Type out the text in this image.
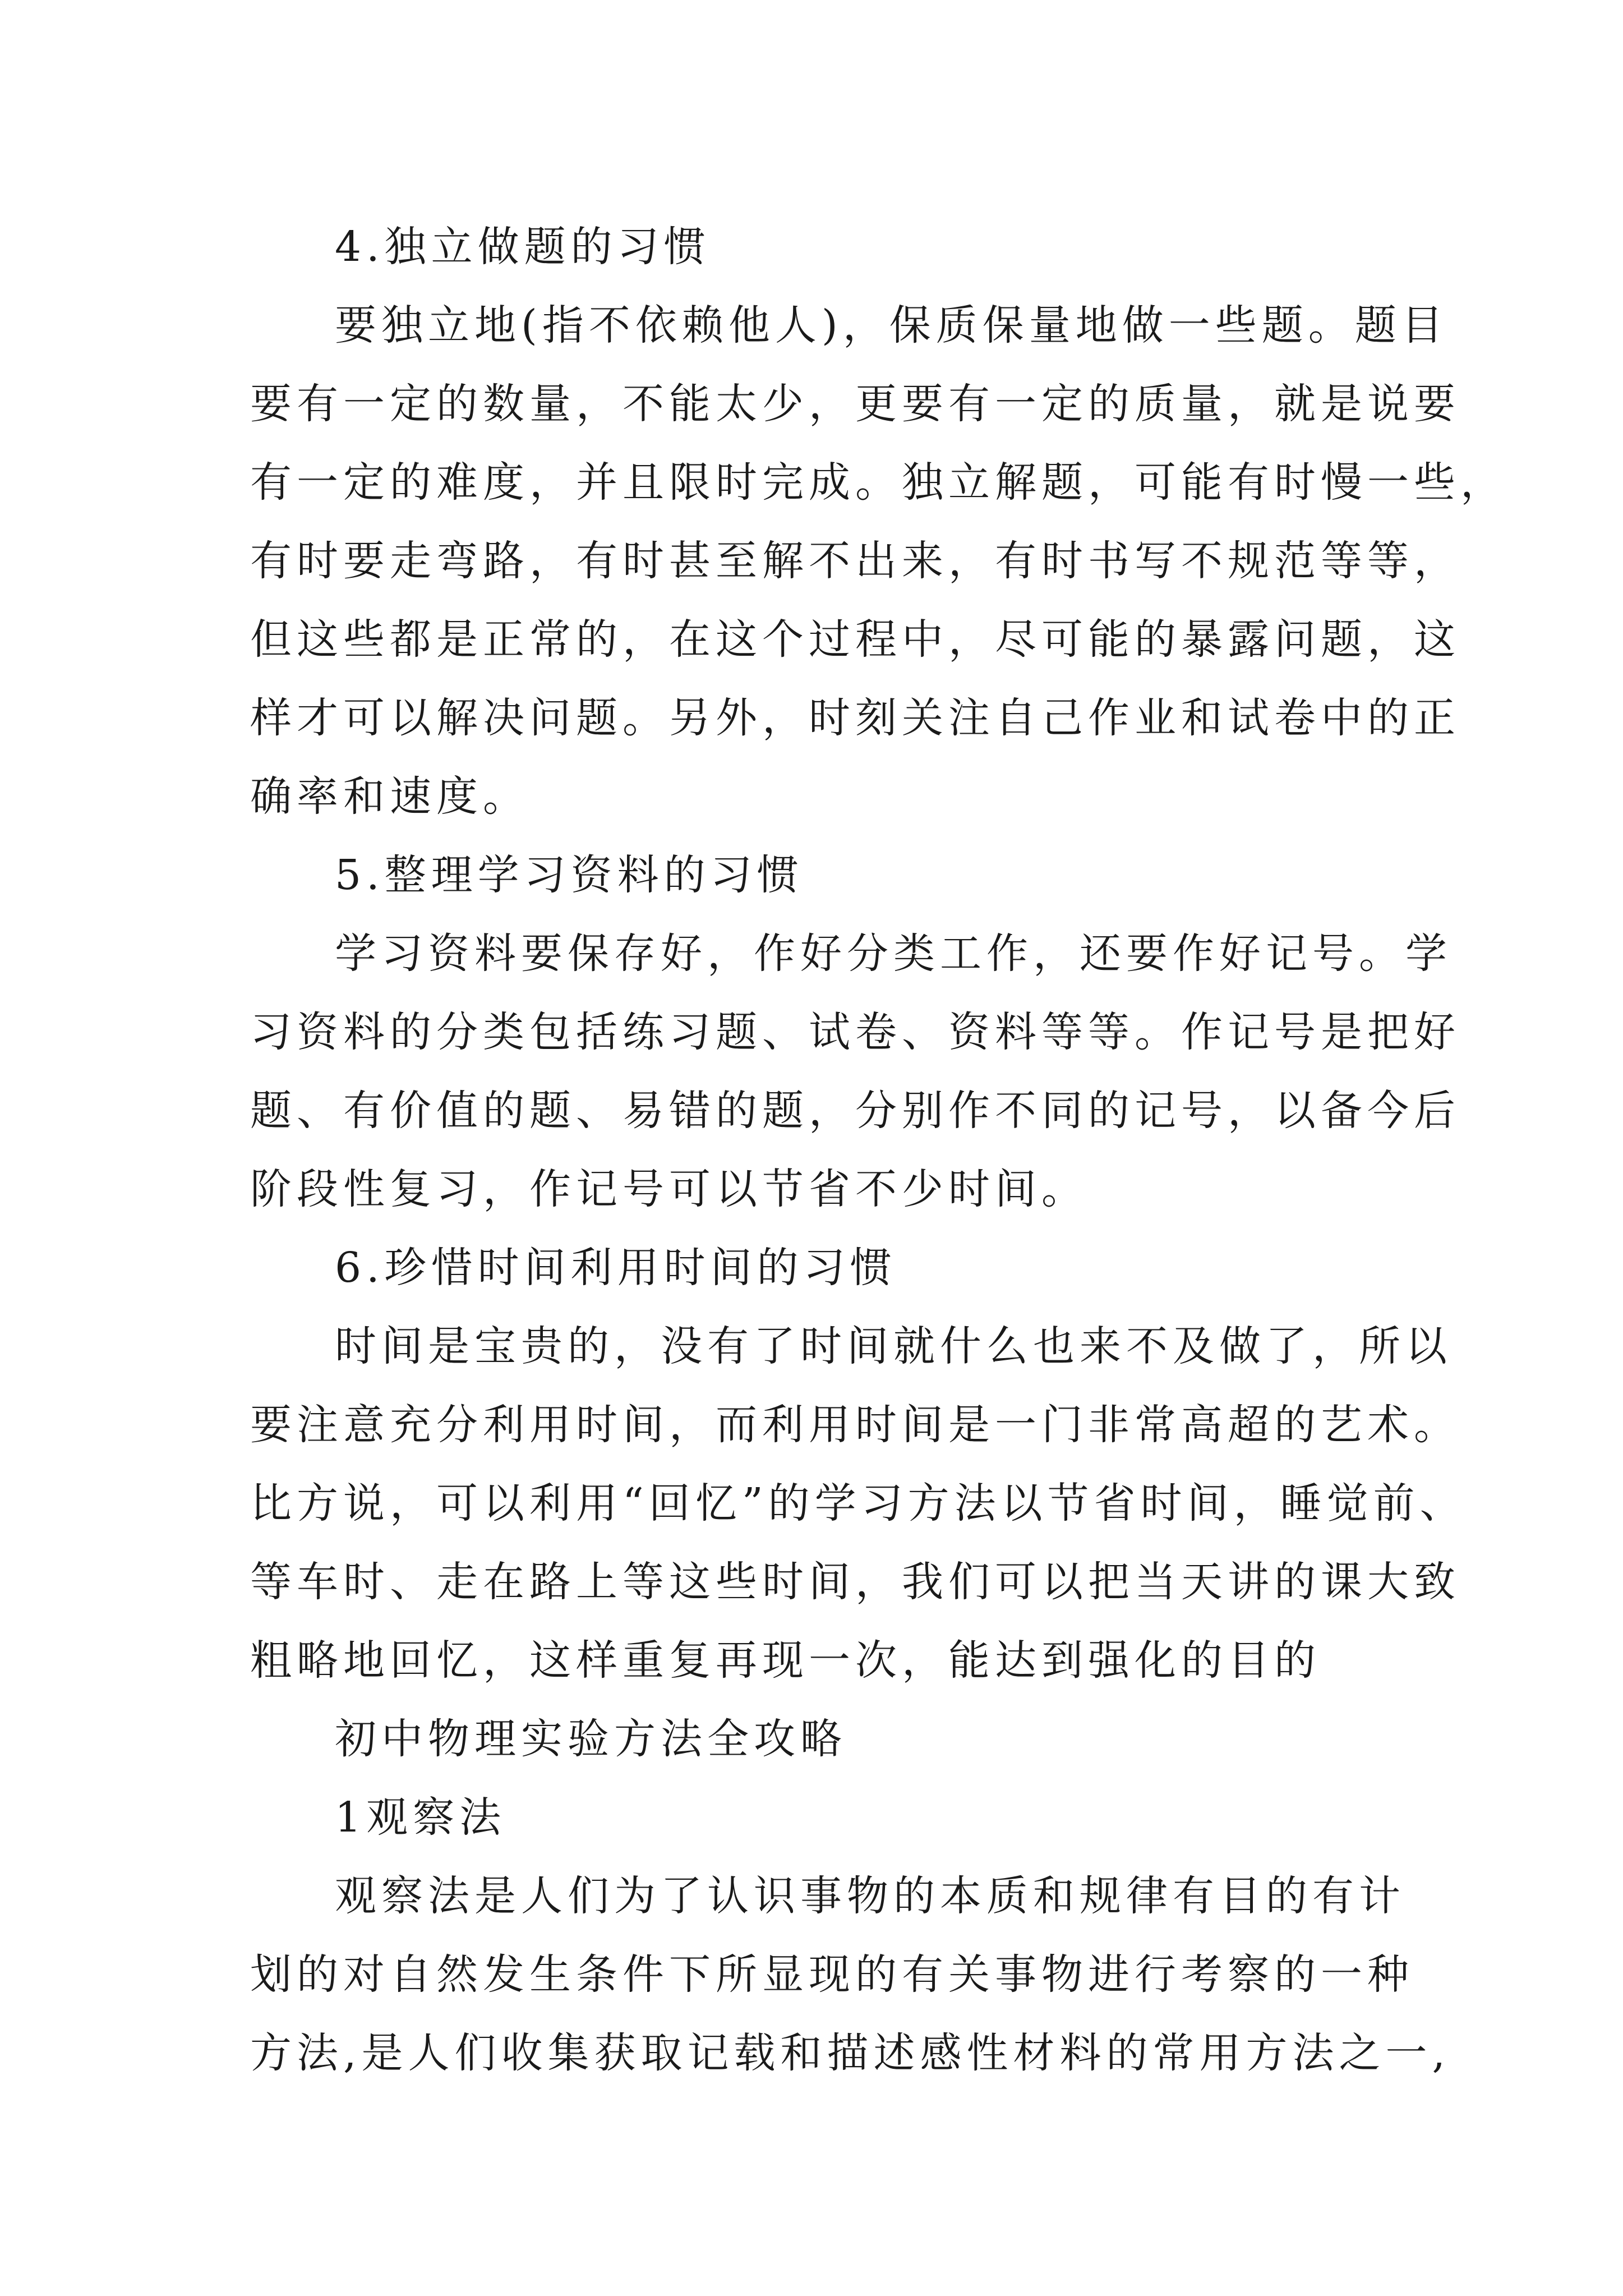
4.独立做题的习惯
要独立地(指不依赖他人)，保质保量地做一些题。题目
要有一定的数量，不能太少，更要有一定的质量，就是说要
有一定的难度，并且限时完成。独立解题，可能有时慢一些，
有时要走弯路，有时甚至解不出来，有时书写不规范等等，
但这些都是正常的，在这个过程中，尽可能的暴露问题，这
样才可以解决问题。另外，时刻关注自己作业和试卷中的正
确率和速度。
5.整理学习资料的习惯
学习资料要保存好，作好分类工作，还要作好记号。学
习资料的分类包括练习题、试卷、资料等等。作记号是把好
题、有价值的题、易错的题，分别作不同的记号，以备今后
阶段性复习，作记号可以节省不少时间。
6.珍惜时间利用时间的习惯
时间是宝贵的，没有了时间就什么也来不及做了，所以
要注意充分利用时间，而利用时间是一门非常高超的艺术。
比方说，可以利用“回忆”的学习方法以节省时间，睡觉前、
等车时、走在路上等这些时间，我们可以把当天讲的课大致
粗略地回忆，这样重复再现一次，能达到强化的目的
初中物理实验方法全攻略
1观察法
观察法是人们为了认识事物的本质和规律有目的有计
划的对自然发生条件下所显现的有关事物进行考察的一种
方法,是人们收集获取记载和描述感性材料的常用方法之一,
